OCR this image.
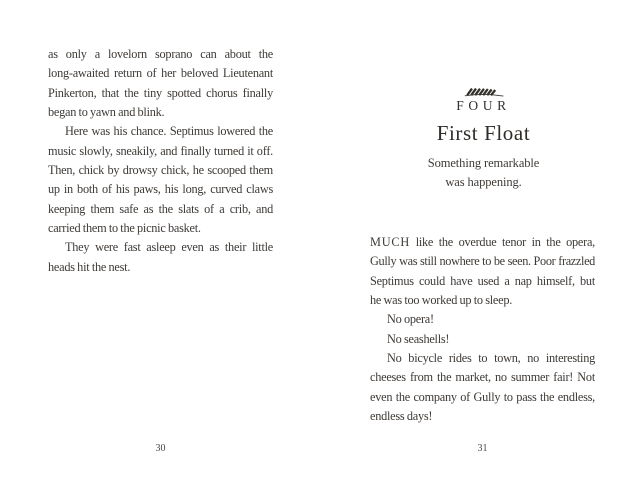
as only a lovelorn soprano can about the
long-awaited return of her beloved Lieutenant
Pinkerton, that the tiny spotted chorus finally
began to yawn and blink.
Here was his chance. Septimus lowered the
music slowly, sneakily, and finally turned it off.
Then, chick by drowsy chick, he scooped them
up in both of his paws, his long, curved claws
keeping them safe as the slats of a crib, and
carried them to the picnic basket.
They were fast asleep even as their little
heads hit the nest.
30
FOUR
First Float
Something remarkable
was happening.
MUCH like the overdue tenor in the opera,
Gully was still nowhere to be seen. Poor frazzled
Septimus could have used a nap himself, but
he was too worked up to sleep.
No opera!
No seashells!
No bicycle rides to town, no interesting
cheeses from the market, no summer fair! Not
even the company of Gully to pass the endless,
endless days!
31
